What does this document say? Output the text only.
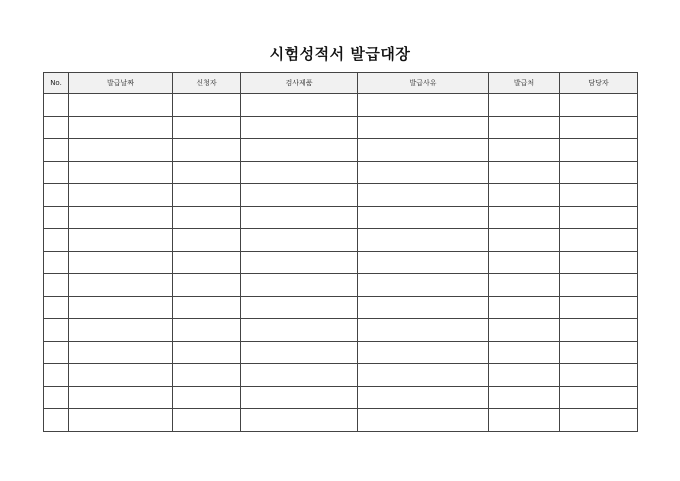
시험성적서 발급대장
No.	발급날짜	신청자	검사제품	발급사유	발급처	담당자
